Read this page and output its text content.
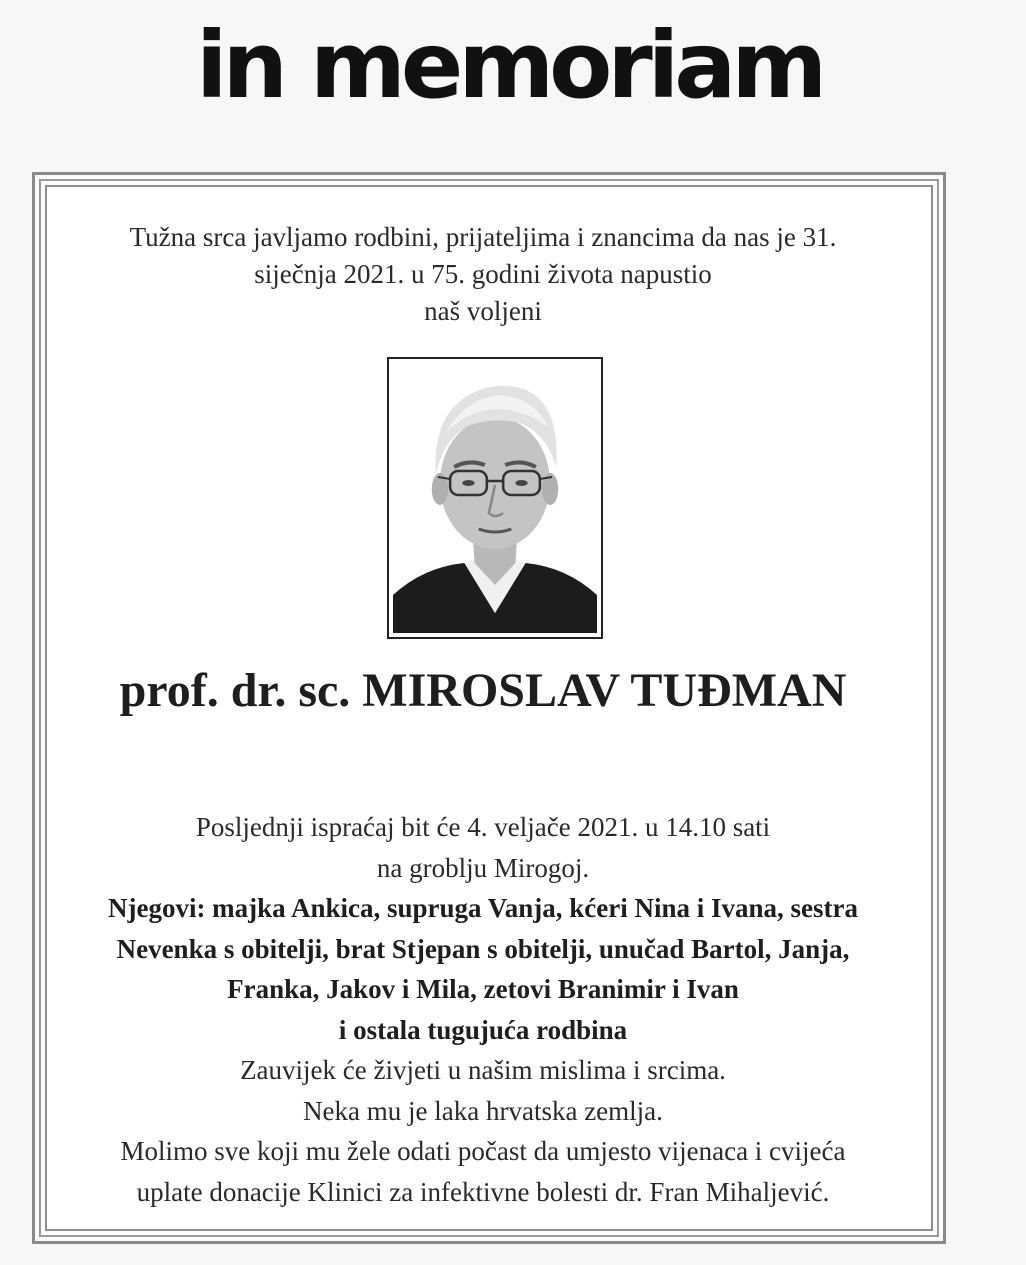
in memoriam
Tužna srca javljamo rodbini, prijateljima i znancima da nas je 31.
siječnja 2021. u 75. godini života napustio
naš voljeni
prof. dr. sc. MIROSLAV TUĐMAN
Posljednji ispraćaj bit će 4. veljače 2021. u 14.10 sati
na groblju Mirogoj.
Njegovi: majka Ankica, supruga Vanja, kćeri Nina i Ivana, sestra
Nevenka s obitelji, brat Stjepan s obitelji, unučad Bartol, Janja,
Franka, Jakov i Mila, zetovi Branimir i Ivan
i ostala tugujuća rodbina
Zauvijek će živjeti u našim mislima i srcima.
Neka mu je laka hrvatska zemlja.
Molimo sve koji mu žele odati počast da umjesto vijenaca i cvijeća
uplate donacije Klinici za infektivne bolesti dr. Fran Mihaljević.
